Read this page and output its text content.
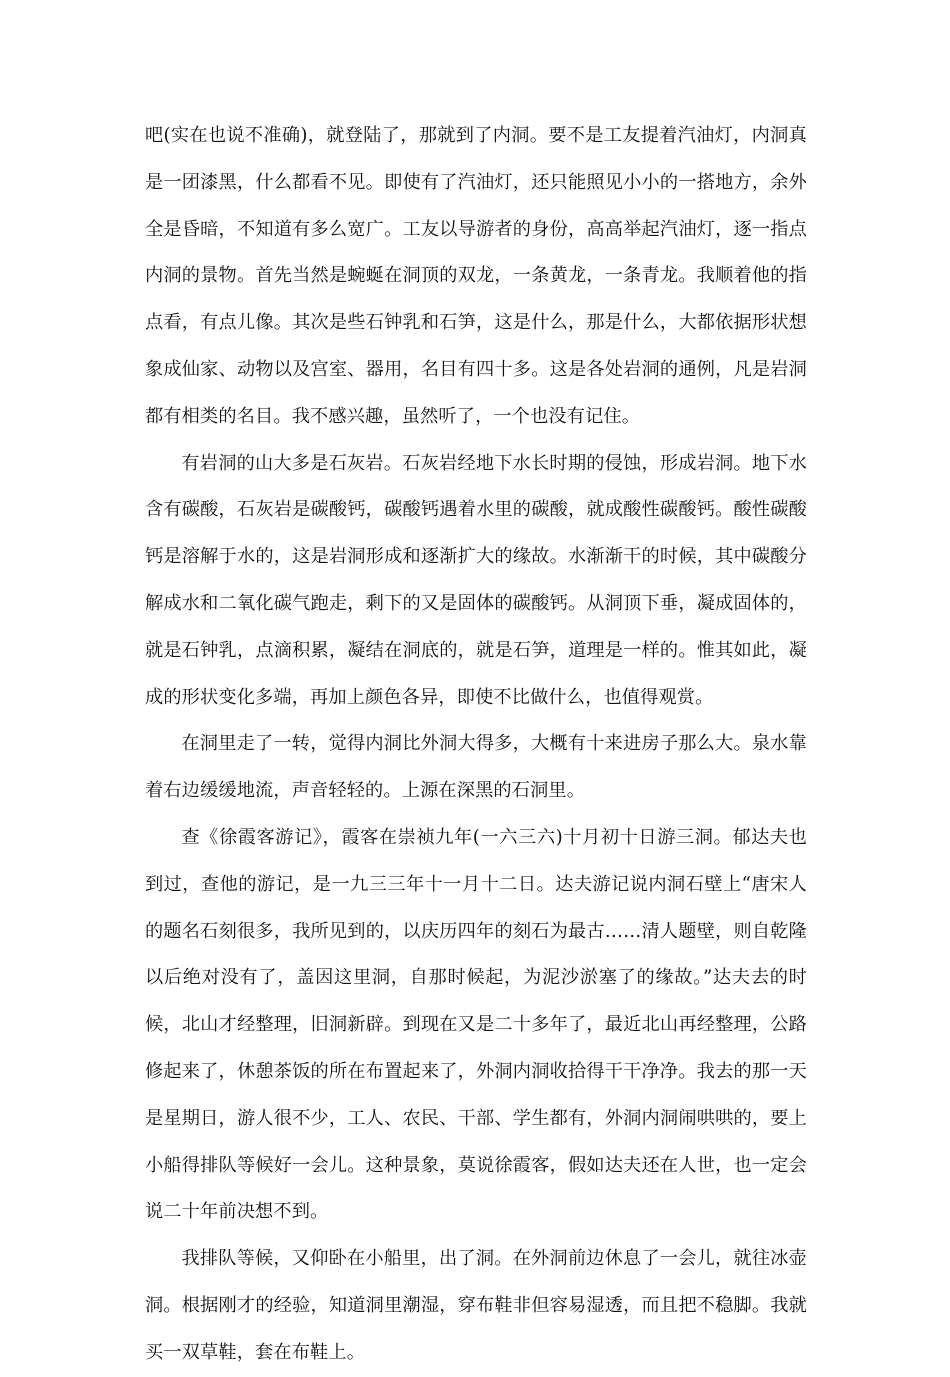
吧(实在也说不准确)，就登陆了，那就到了内洞。要不是工友提着汽油灯，内洞真是一团漆黑，什么都看不见。即使有了汽油灯，还只能照见小小的一搭地方，余外全是昏暗，不知道有多么宽广。工友以导游者的身份，高高举起汽油灯，逐一指点内洞的景物。首先当然是蜿蜒在洞顶的双龙，一条黄龙，一条青龙。我顺着他的指点看，有点儿像。其次是些石钟乳和石笋，这是什么，那是什么，大都依据形状想象成仙家、动物以及宫室、器用，名目有四十多。这是各处岩洞的通例，凡是岩洞都有相类的名目。我不感兴趣，虽然听了，一个也没有记住。

有岩洞的山大多是石灰岩。石灰岩经地下水长时期的侵蚀，形成岩洞。地下水含有碳酸，石灰岩是碳酸钙，碳酸钙遇着水里的碳酸，就成酸性碳酸钙。酸性碳酸钙是溶解于水的，这是岩洞形成和逐渐扩大的缘故。水渐渐干的时候，其中碳酸分解成水和二氧化碳气跑走，剩下的又是固体的碳酸钙。从洞顶下垂，凝成固体的，就是石钟乳，点滴积累，凝结在洞底的，就是石笋，道理是一样的。惟其如此，凝成的形状变化多端，再加上颜色各异，即使不比做什么，也值得观赏。

在洞里走了一转，觉得内洞比外洞大得多，大概有十来进房子那么大。泉水靠着右边缓缓地流，声音轻轻的。上源在深黑的石洞里。

查《徐霞客游记》，霞客在崇祯九年(一六三六)十月初十日游三洞。郁达夫也到过，查他的游记，是一九三三年十一月十二日。达夫游记说内洞石壁上“唐宋人的题名石刻很多，我所见到的，以庆历四年的刻石为最古……清人题壁，则自乾隆以后绝对没有了，盖因这里洞，自那时候起，为泥沙淤塞了的缘故。”达夫去的时候，北山才经整理，旧洞新辟。到现在又是二十多年了，最近北山再经整理，公路修起来了，休憩茶饭的所在布置起来了，外洞内洞收拾得干干净净。我去的那一天是星期日，游人很不少，工人、农民、干部、学生都有，外洞内洞闹哄哄的，要上小船得排队等候好一会儿。这种景象，莫说徐霞客，假如达夫还在人世，也一定会说二十年前决想不到。

我排队等候，又仰卧在小船里，出了洞。在外洞前边休息了一会儿，就往冰壶洞。根据刚才的经验，知道洞里潮湿，穿布鞋非但容易湿透，而且把不稳脚。我就买一双草鞋，套在布鞋上。
